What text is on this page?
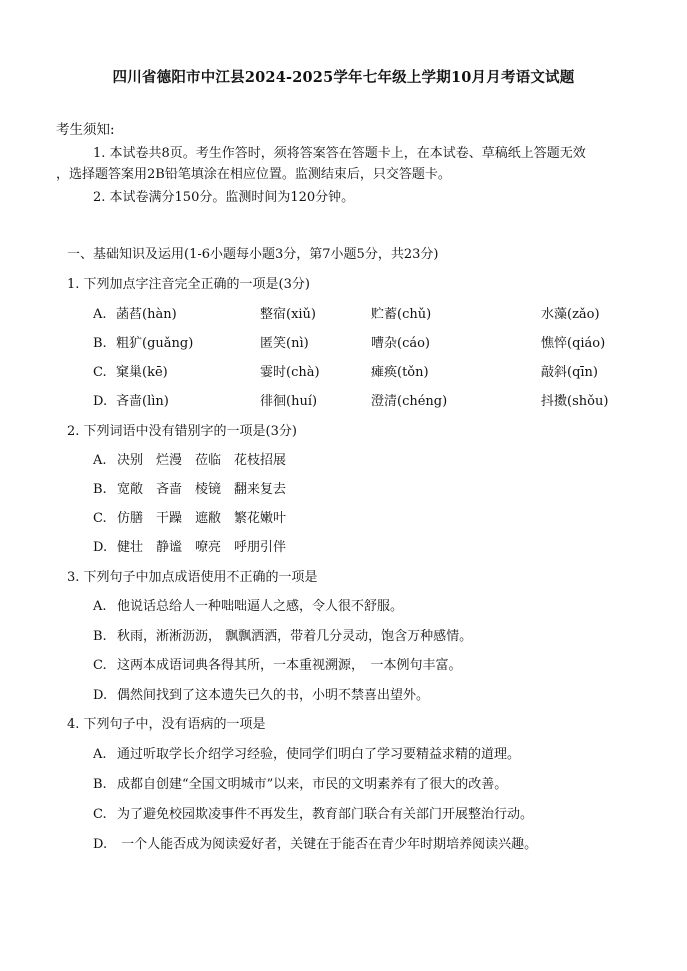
四川省德阳市中江县2024-2025学年七年级上学期10月月考语文试题
考生须知:
1. 本试卷共8页。考生作答时，须将答案答在答题卡上，在本试卷、草稿纸上答题无效
，选择题答案用2B铅笔填涂在相应位置。监测结束后，只交答题卡。
2. 本试卷满分150分。监测时间为120分钟。
一、基础知识及运用(1-6小题每小题3分，第7小题5分，共23分)
1. 下列加点字注音完全正确的一项是(3分)
A. 菡萏(hàn)	整宿(xiǔ)	贮蓄(chǔ)	水藻(zǎo)
B. 粗犷(guǎng)	匿笑(nì)	嘈杂(cáo)	憔悴(qiáo)
C. 窠巢(kē)	霎时(chà)	瘫痪(tǒn)	敲斜(qīn)
D. 吝啬(lìn)	徘徊(huí)	澄清(chéng)	抖擞(shǒu)
2. 下列词语中没有错别字的一项是(3分)
A. 决别　烂漫　莅临　花枝招展
B. 宽敞　吝啬　棱镜　翻来复去
C. 仿膳　干躁　遮敝　繁花嫩叶
D. 健壮　静谧　嘹亮　呼朋引伴
3. 下列句子中加点成语使用不正确的一项是
A. 他说话总给人一种咄咄逼人之感，令人很不舒服。
B. 秋雨，淅淅沥沥， 飘飘洒洒，带着几分灵动，饱含万种感情。
C. 这两本成语词典各得其所，一本重视溯源，　一本例句丰富。
D. 偶然间找到了这本遗失已久的书，小明不禁喜出望外。
4. 下列句子中，没有语病的一项是
A. 通过听取学长介绍学习经验，使同学们明白了学习要精益求精的道理。
B. 成都自创建“全国文明城市”以来，市民的文明素养有了很大的改善。
C. 为了避免校园欺凌事件不再发生，教育部门联合有关部门开展整治行动。
D. 一个人能否成为阅读爱好者，关键在于能否在青少年时期培养阅读兴趣。
